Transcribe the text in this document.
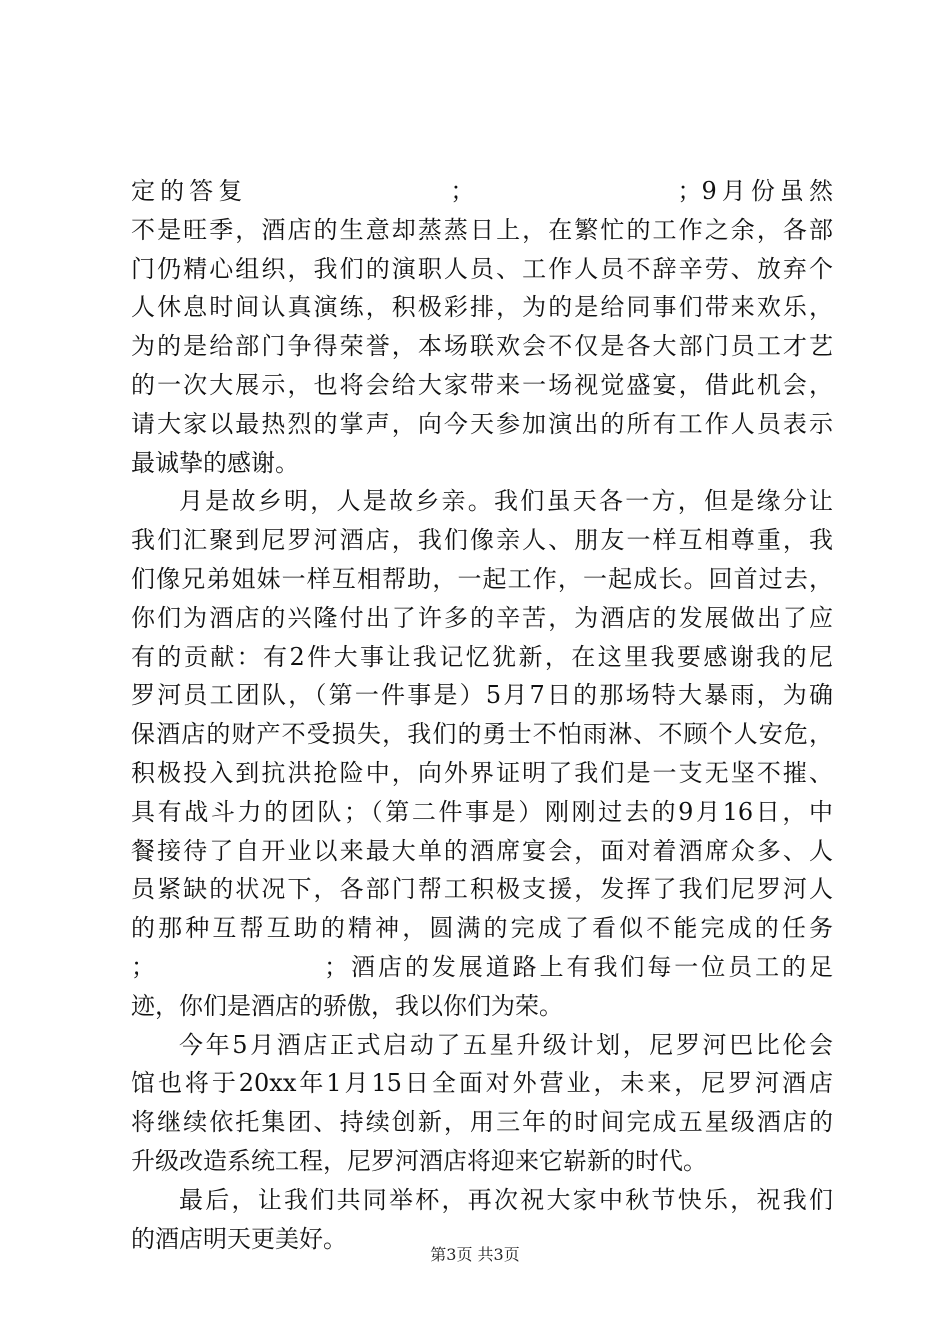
定的答复                ；                ；9月份虽然
不是旺季，酒店的生意却蒸蒸日上，在繁忙的工作之余，各部
门仍精心组织，我们的演职人员、工作人员不辞辛劳、放弃个
人休息时间认真演练，积极彩排，为的是给同事们带来欢乐，
为的是给部门争得荣誉，本场联欢会不仅是各大部门员工才艺
的一次大展示，也将会给大家带来一场视觉盛宴，借此机会，
请大家以最热烈的掌声，向今天参加演出的所有工作人员表示
最诚挚的感谢。
月是故乡明，人是故乡亲。我们虽天各一方，但是缘分让
我们汇聚到尼罗河酒店，我们像亲人、朋友一样互相尊重，我
们像兄弟姐妹一样互相帮助，一起工作，一起成长。回首过去，
你们为酒店的兴隆付出了许多的辛苦，为酒店的发展做出了应
有的贡献：有2件大事让我记忆犹新，在这里我要感谢我的尼
罗河员工团队，（第一件事是）5月7日的那场特大暴雨，为确
保酒店的财产不受损失，我们的勇士不怕雨淋、不顾个人安危，
积极投入到抗洪抢险中，向外界证明了我们是一支无坚不摧、
具有战斗力的团队；（第二件事是）刚刚过去的9月16日，中
餐接待了自开业以来最大单的酒席宴会，面对着酒席众多、人
员紧缺的状况下，各部门帮工积极支援，发挥了我们尼罗河人
的那种互帮互助的精神，圆满的完成了看似不能完成的任务
；                ；酒店的发展道路上有我们每一位员工的足
迹，你们是酒店的骄傲，我以你们为荣。
今年5月酒店正式启动了五星升级计划，尼罗河巴比伦会
馆也将于20xx年1月15日全面对外营业，未来，尼罗河酒店
将继续依托集团、持续创新，用三年的时间完成五星级酒店的
升级改造系统工程，尼罗河酒店将迎来它崭新的时代。
最后，让我们共同举杯，再次祝大家中秋节快乐，祝我们
的酒店明天更美好。
第3页 共3页
